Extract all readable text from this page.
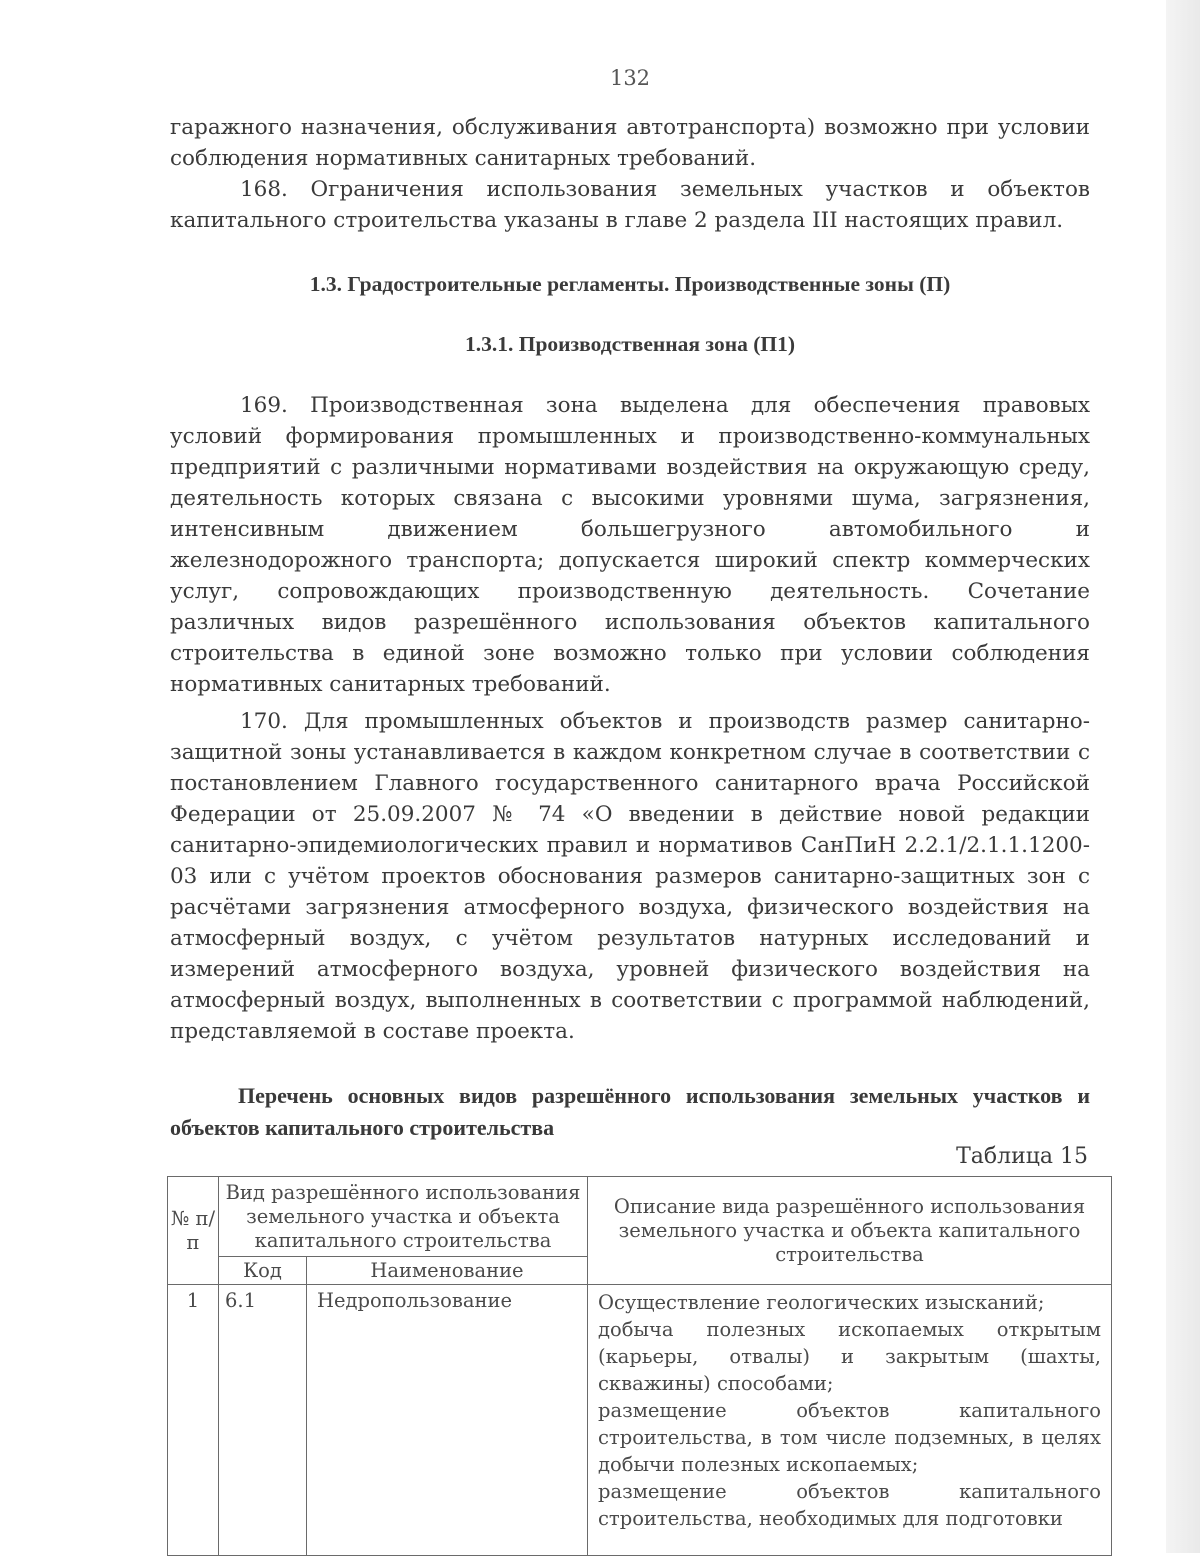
132
гаражного назначения, обслуживания автотранспорта) возможно при условии соблюдения нормативных санитарных требований.
168. Ограничения использования земельных участков и объектов капитального строительства указаны в главе 2 раздела III настоящих правил.
1.3. Градостроительные регламенты. Производственные зоны (П)
1.3.1. Производственная зона (П1)
169. Производственная зона выделена для обеспечения правовых условий формирования промышленных и производственно-коммунальных предприятий с различными нормативами воздействия на окружающую среду, деятельность которых связана с высокими уровнями шума, загрязнения, интенсивным движением большегрузного автомобильного и железнодорожного транспорта; допускается широкий спектр коммерческих услуг, сопровождающих производственную деятельность. Сочетание различных видов разрешённого использования объектов капитального строительства в единой зоне возможно только при условии соблюдения нормативных санитарных требований.
170. Для промышленных объектов и производств размер санитарно-защитной зоны устанавливается в каждом конкретном случае в соответствии с постановлением Главного государственного санитарного врача Российской Федерации от 25.09.2007 № 74 «О введении в действие новой редакции санитарно-эпидемиологических правил и нормативов СанПиН 2.2.1/2.1.1.1200-03 или с учётом проектов обоснования размеров санитарно-защитных зон с расчётами загрязнения атмосферного воздуха, физического воздействия на атмосферный воздух, с учётом результатов натурных исследований и измерений атмосферного воздуха, уровней физического воздействия на атмосферный воздух, выполненных в соответствии с программой наблюдений, представляемой в составе проекта.
Перечень основных видов разрешённого использования земельных участков и объектов капитального строительства
Таблица 15
№ п/п	Вид разрешённого использования земельного участка и объекта капитального строительства		Описание вида разрешённого использования земельного участка и объекта капитального строительства
	Код	Наименование	
1	6.1	Недропользование	Осуществление геологических изысканий;
добыча полезных ископаемых открытым (карьеры, отвалы) и закрытым (шахты, скважины) способами;
размещение объектов капитального строительства, в том числе подземных, в целях добычи полезных ископаемых;
размещение объектов капитального строительства, необходимых для подготовки
